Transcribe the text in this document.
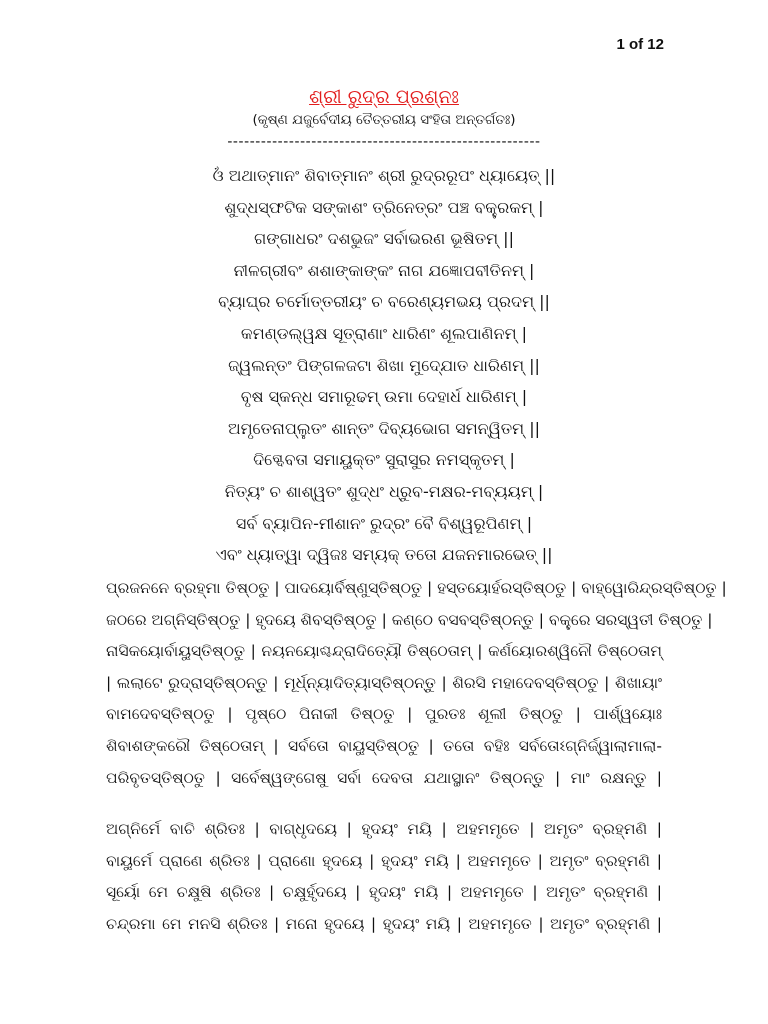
1 of 12
ଶ୍ରୀ ରୁଦ୍ର ପ୍ରଶ୍ନଃ
(କୃଷ୍ଣ ଯଜୁର୍ବେଦୀୟ ତୈତ୍ତରୀୟ ସଂହିତା ଅନ୍ତର୍ଗତଃ)
--------------------------------------------------------
ଓଁ ଅଥାତ୍ମାନଂ ଶିବାତ୍ମାନଂ ଶ୍ରୀ ରୁଦ୍ରରୂପଂ ଧ୍ୟାୟେତ୍ ||
ଶୁଦ୍ଧସ୍ଫଟିକ ସଙ୍କାଶଂ ତ୍ରିନେତ୍ରଂ ପଞ୍ଚ ବକ୍ତ୍ରକମ୍ |
ଗଙ୍ଗାଧରଂ ଦଶଭୁଜଂ ସର୍ବାଭରଣ ଭୂଷିତମ୍ ||
ନୀଳଗ୍ରୀବଂ ଶଶାଙ୍କାଙ୍କଂ ନାଗ ଯଜ୍ଞୋପବୀତିନମ୍ |
ବ୍ୟାଘ୍ର ଚର୍ମୋତ୍ତରୀୟଂ ଚ ବରେଣ୍ୟମଭୟ ପ୍ରଦମ୍ ||
କମଣ୍ଡଲ୍ୱକ୍ଷ ସୂତ୍ରାଣାଂ ଧାରିଣଂ ଶୂଲପାଣିନମ୍ |
ଜ୍ୱଲନ୍ତଂ ପିଙ୍ଗଳଜଟା ଶିଖା ମୁଦ୍ଯୋତ ଧାରିଣମ୍ ||
ବୃଷ ସ୍କନ୍ଧ ସମାରୂଢମ୍ ଉମା ଦେହାର୍ଧ ଧାରିଣମ୍ |
ଅମୃତେନାପ୍ଲୁତଂ ଶାନ୍ତଂ ଦିବ୍ୟଭୋଗ ସମନ୍ୱିତମ୍ ||
ଦିଗ୍ଦେବତା ସମାୟୁକ୍ତଂ ସୁରାସୁର ନମସ୍କୃତମ୍ |
ନିତ୍ୟଂ ଚ ଶାଶ୍ୱତଂ ଶୁଦ୍ଧଂ ଧ୍ରୁବ-ମକ୍ଷର-ମବ୍ୟୟମ୍ |
ସର୍ବ ବ୍ୟାପିନ-ମୀଶାନଂ ରୁଦ୍ରଂ ବୈ ବିଶ୍ୱରୂପିଣମ୍ |
ଏବଂ ଧ୍ୟାତ୍ୱା ଦ୍ୱିଜଃ ସମ୍ୟକ୍ ତତୋ ଯଜନମାରଭେତ୍ ||
ପ୍ରଜନନେ ବ୍ରହ୍ମା ତିଷ୍ଠତୁ | ପାଦୟୋର୍ବିଷ୍ଣୁସ୍ତିଷ୍ଠତୁ | ହସ୍ତୟୋର୍ହରସ୍ତିଷ୍ଠତୁ | ବାହ୍ୱୋରିନ୍ଦ୍ରସ୍ତିଷ୍ଠତୁ |
ଜଠରେ ଅଗ୍ନିସ୍ତିଷ୍ଠତୁ | ହୃଦୟେ ଶିବସ୍ତିଷ୍ଠତୁ | କଣ୍ଠେ ବସବସ୍ତିଷ୍ଠନ୍ତୁ | ବକ୍ତ୍ରେ ସରସ୍ୱତୀ ତିଷ୍ଠତୁ |
ନାସିକୟୋର୍ବାୟୁସ୍ତିଷ୍ଠତୁ | ନୟନୟୋଶ୍ଚନ୍ଦ୍ରାଦିତ୍ୟୌ ତିଷ୍ଠେତାମ୍ | କର୍ଣୟୋରଶ୍ୱିନୌ ତିଷ୍ଠେତାମ୍
| ଲଲାଟେ ରୁଦ୍ରାସ୍ତିଷ୍ଠନ୍ତୁ | ମୂର୍ଧ୍ନ୍ୟାଦିତ୍ୟାସ୍ତିଷ୍ଠନ୍ତୁ | ଶିରସି ମହାଦେବସ୍ତିଷ୍ଠତୁ | ଶିଖାୟାଂ
ବାମଦେବସ୍ତିଷ୍ଠତୁ | ପୃଷ୍ଠେ ପିନାକୀ ତିଷ୍ଠତୁ | ପୁରତଃ ଶୂଲୀ ତିଷ୍ଠତୁ | ପାର୍ଶ୍ୱୟୋଃ
ଶିବାଶଙ୍କରୌ ତିଷ୍ଠେତାମ୍ | ସର୍ବତୋ ବାୟୁସ୍ତିଷ୍ଠତୁ | ତତୋ ବହିଃ ସର୍ବତୋଽଗ୍ନିର୍ଜ୍ୱାଲାମାଲା-
ପରିବୃତସ୍ତିଷ୍ଠତୁ | ସର୍ବେଷ୍ୱଙ୍ଗେଷୁ ସର୍ବା ଦେବତା ଯଥାସ୍ଥାନଂ ତିଷ୍ଠନ୍ତୁ | ମାଂ ରକ୍ଷନ୍ତୁ |
ଅଗ୍ନିର୍ମେ ବାଚି ଶ୍ରିତଃ | ବାଗ୍ଧୃଦୟେ | ହୃଦୟଂ ମୟି | ଅହମମୃତେ | ଅମୃତଂ ବ୍ରହ୍ମଣି |
ବାୟୁର୍ମେ ପ୍ରାଣେ ଶ୍ରିତଃ | ପ୍ରାଣୋ ହୃଦୟେ | ହୃଦୟଂ ମୟି | ଅହମମୃତେ | ଅମୃତଂ ବ୍ରହ୍ମଣି |
ସୂର୍ୟୋ ମେ ଚକ୍ଷୁଷି ଶ୍ରିତଃ | ଚକ୍ଷୁର୍ହୃଦୟେ | ହୃଦୟଂ ମୟି | ଅହମମୃତେ | ଅମୃତଂ ବ୍ରହ୍ମଣି |
ଚନ୍ଦ୍ରମା ମେ ମନସି ଶ୍ରିତଃ | ମନୋ ହୃଦୟେ | ହୃଦୟଂ ମୟି | ଅହମମୃତେ | ଅମୃତଂ ବ୍ରହ୍ମଣି |
